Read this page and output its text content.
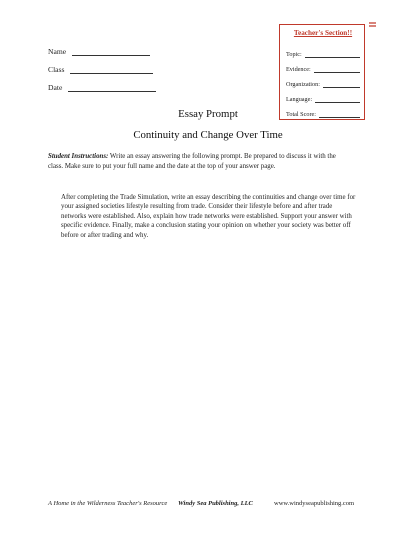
Name
Class
Date
Teacher's Section!!
Topic:
Evidence:
Organization:
Language:
Total Score:
Essay Prompt
Continuity and Change Over Time
Student Instructions: Write an essay answering the following prompt. Be prepared to discuss it with the class. Make sure to put your full name and the date at the top of your answer page.
After completing the Trade Simulation, write an essay describing the continuities and change over time for your assigned societies lifestyle resulting from trade. Consider their lifestyle before and after trade networks were established. Also, explain how trade networks were established. Support your answer with specific evidence. Finally, make a conclusion stating your opinion on whether your society was better off before or after trading and why.
A Home in the Wilderness Teacher's Resource Windy Sea Publishing, LLC	www.windyseapublishing.com
